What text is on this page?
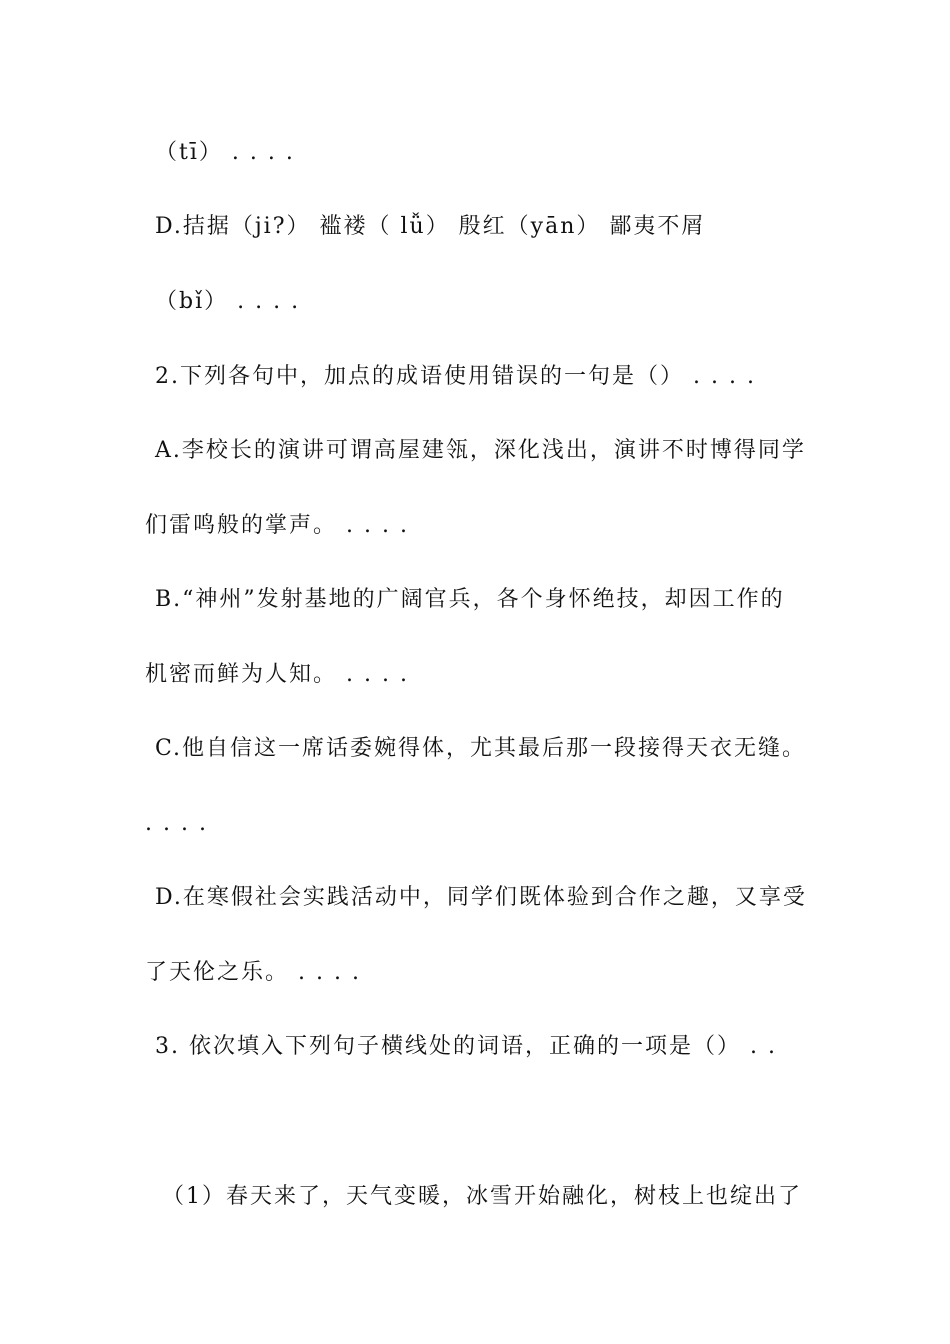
（tī） . . . .
D.拮据（ji?） 褴褛（ lǚ） 殷红（yān） 鄙夷不屑
（bǐ） . . . .
2.下列各句中，加点的成语使用错误的一句是（） . . . .
A.李校长的演讲可谓高屋建瓴，深化浅出，演讲不时博得同学
们雷鸣般的掌声。 . . . .
B.“神州”发射基地的广阔官兵，各个身怀绝技，却因工作的
机密而鲜为人知。 . . . .
C.他自信这一席话委婉得体，尤其最后那一段接得天衣无缝。
. . . .
D.在寒假社会实践活动中，同学们既体验到合作之趣，又享受
了天伦之乐。 . . . .
3. 依次填入下列句子横线处的词语，正确的一项是（） . .
（1）春天来了，天气变暖，冰雪开始融化，树枝上也绽出了
